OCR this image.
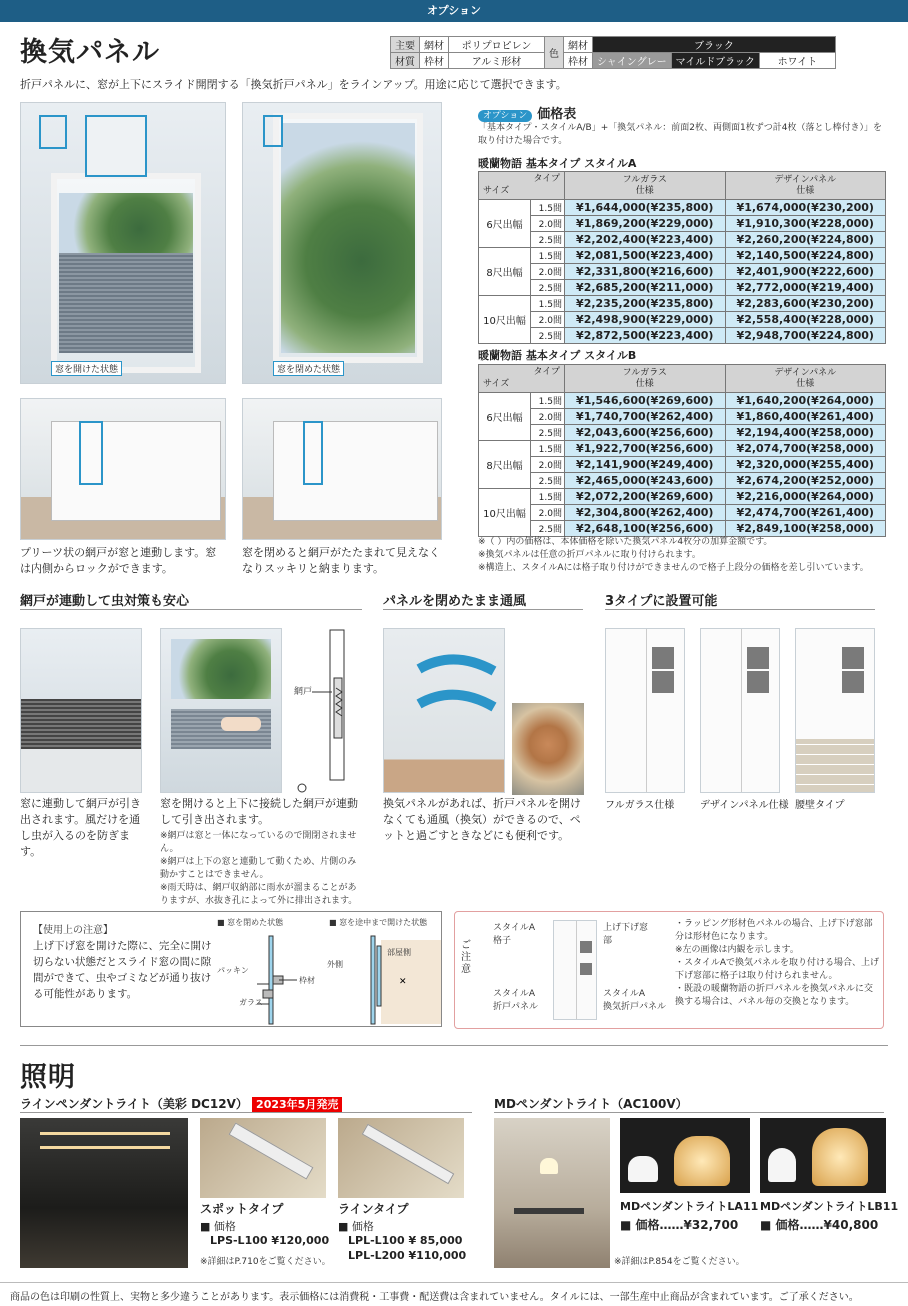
オプション
換気パネル	主要	網材	ポリプロピレン	色	網材	ブラック		
材質	枠材	アルミ形材		枠材	シャイングレー	マイルドブラック	ホワイト
折戸パネルに、窓が上下にスライド開閉する「換気折戸パネル」をラインアップ。用途に応じて選択できます。
窓を開けた状態	窓を閉めた状態
プリーツ状の網戸が窓と連動します。窓は内側からロックができます。
窓を閉めると網戸がたたまれて見えなくなりスッキリと納まります。
オプション 価格表
「基本タイプ・スタイルA/B」+「換気パネル：前面2枚、両側面1枚ずつ計4枚（落とし棒付き）」を取り付けた場合です。
暖蘭物語 基本タイプ スタイルA
タイプ
サイズ		フルガラス
仕様	デザインパネル
仕様
6尺出幅	1.5間	¥1,644,000(¥235,800)	¥1,674,000(¥230,200)
	2.0間	¥1,869,200(¥229,000)	¥1,910,300(¥228,000)
	2.5間	¥2,202,400(¥223,400)	¥2,260,200(¥224,800)
8尺出幅	1.5間	¥2,081,500(¥223,400)	¥2,140,500(¥224,800)
	2.0間	¥2,331,800(¥216,600)	¥2,401,900(¥222,600)
	2.5間	¥2,685,200(¥211,000)	¥2,772,000(¥219,400)
10尺出幅	1.5間	¥2,235,200(¥235,800)	¥2,283,600(¥230,200)
	2.0間	¥2,498,900(¥229,000)	¥2,558,400(¥228,000)
	2.5間	¥2,872,500(¥223,400)	¥2,948,700(¥224,800)
暖蘭物語 基本タイプ スタイルB
タイプ
サイズ		フルガラス
仕様	デザインパネル
仕様
6尺出幅	1.5間	¥1,546,600(¥269,600)	¥1,640,200(¥264,000)
	2.0間	¥1,740,700(¥262,400)	¥1,860,400(¥261,400)
	2.5間	¥2,043,600(¥256,600)	¥2,194,400(¥258,000)
8尺出幅	1.5間	¥1,922,700(¥256,600)	¥2,074,700(¥258,000)
	2.0間	¥2,141,900(¥249,400)	¥2,320,000(¥255,400)
	2.5間	¥2,465,000(¥243,600)	¥2,674,200(¥252,000)
10尺出幅	1.5間	¥2,072,200(¥269,600)	¥2,216,000(¥264,000)
	2.0間	¥2,304,800(¥262,400)	¥2,474,700(¥261,400)
	2.5間	¥2,648,100(¥256,600)	¥2,849,100(¥258,000)
※（ ）内の価格は、本体価格を除いた換気パネル4枚分の加算金額です。
※換気パネルは任意の折戸パネルに取り付けられます。
※構造上、スタイルAには格子取り付けができませんので格子上段分の価格を差し引いています。
網戸が連動して虫対策も安心	パネルを閉めたまま通風	3タイプに設置可能
網戸
窓に連動して網戸が引き出されます。風だけを通し虫が入るのを防ぎます。
窓を開けると上下に接続した網戸が連動して引き出されます。
※網戸は窓と一体になっているので開閉されません。
※網戸は上下の窓と連動して動くため、片側のみ動かすことはできません。
※雨天時は、網戸収納部に雨水が溜まることがありますが、水抜き孔によって外に排出されます。
換気パネルがあれば、折戸パネルを開けなくても通風（換気）ができるので、ペットと過ごすときなどにも便利です。
フルガラス仕様	デザインパネル仕様 腰壁タイプ
【使用上の注意】
上げ下げ窓を開けた際に、完全に開け切らない状態だとスライド窓の間に隙間ができて、虫やゴミなどが通り抜ける可能性があります。
■ 窓を閉めた状態	■ 窓を途中まで開けた状態
✕
パッキン
枠材
ガラス
外側
部屋側
ご注意
スタイルA
格子
上げ下げ窓
部
スタイルA
折戸パネル
スタイルA
換気折戸パネル
・ラッピング形材色パネルの場合、上げ下げ窓部分は形材色になります。
※左の画像は内観を示します。
・スタイルAで換気パネルを取り付ける場合、上げ下げ窓部に格子は取り付けられません。
・既設の暖蘭物語の折戸パネルを換気パネルに交換する場合は、パネル毎の交換となります。
照明
ラインペンダントライト（美彩 DC12V） 2023年5月発売
スポットタイプ	ラインタイプ
■ 価格	■ 価格
LPS-L100 ¥120,000 LPL-L100 ¥ 85,000
LPL-L200 ¥110,000
※詳細はP.710をご覧ください。
MDペンダントライト（AC100V）
MDペンダントライトLA11 MDペンダントライトLB11
■ 価格……¥32,700 ■ 価格……¥40,800
※詳細はP.854をご覧ください。
商品の色は印刷の性質上、実物と多少違うことがあります。表示価格には消費税・工事費・配送費は含まれていません。タイルには、一部生産中止商品が含まれています。ご了承ください。
